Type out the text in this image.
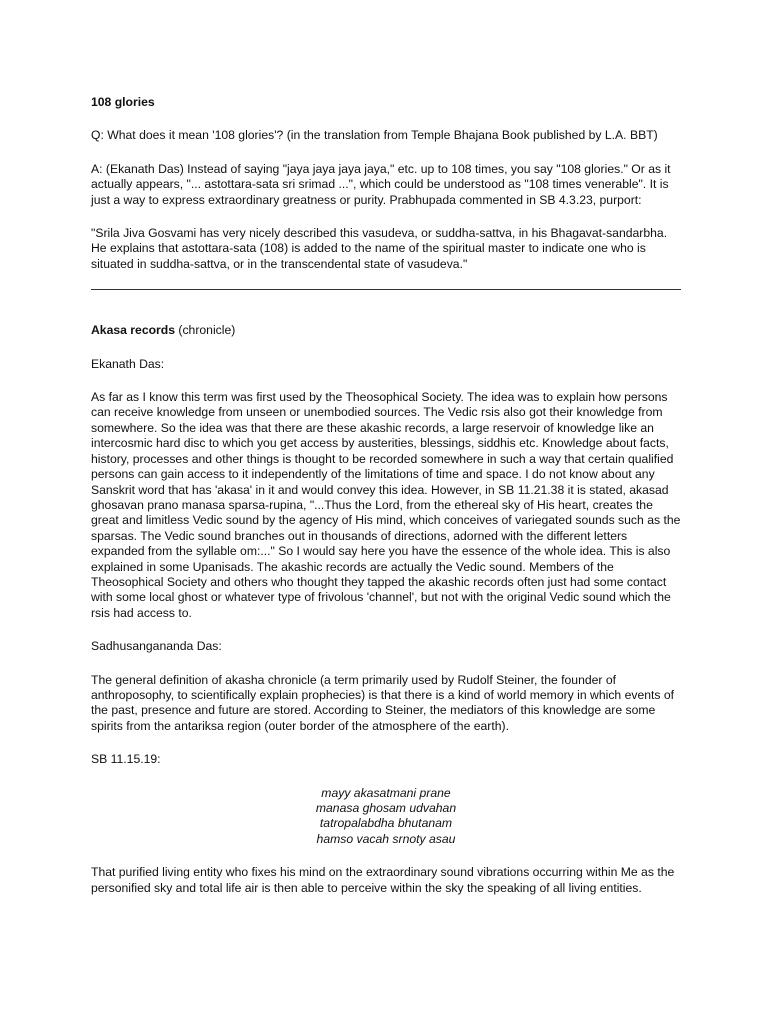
108 glories

Q: What does it mean '108 glories'? (in the translation from Temple Bhajana Book published by L.A. BBT)

A: (Ekanath Das) Instead of saying "jaya jaya jaya jaya," etc. up to 108 times, you say "108 glories." Or as it actually appears, "... astottara-sata sri srimad ...", which could be understood as "108 times venerable". It is just a way to express extraordinary greatness or purity. Prabhupada commented in SB 4.3.23, purport:

"Srila Jiva Gosvami has very nicely described this vasudeva, or suddha-sattva, in his Bhagavat-sandarbha. He explains that astottara-sata (108) is added to the name of the spiritual master to indicate one who is situated in suddha-sattva, or in the transcendental state of vasudeva."

Akasa records (chronicle)

Ekanath Das:

As far as I know this term was first used by the Theosophical Society. The idea was to explain how persons can receive knowledge from unseen or unembodied sources. The Vedic rsis also got their knowledge from somewhere. So the idea was that there are these akashic records, a large reservoir of knowledge like an intercosmic hard disc to which you get access by austerities, blessings, siddhis etc. Knowledge about facts, history, processes and other things is thought to be recorded somewhere in such a way that certain qualified persons can gain access to it independently of the limitations of time and space. I do not know about any Sanskrit word that has 'akasa' in it and would convey this idea. However, in SB 11.21.38 it is stated, akasad ghosavan prano manasa sparsa-rupina, "...Thus the Lord, from the ethereal sky of His heart, creates the great and limitless Vedic sound by the agency of His mind, which conceives of variegated sounds such as the sparsas. The Vedic sound branches out in thousands of directions, adorned with the different letters expanded from the syllable om:..." So I would say here you have the essence of the whole idea. This is also explained in some Upanisads. The akashic records are actually the Vedic sound. Members of the Theosophical Society and others who thought they tapped the akashic records often just had some contact with some local ghost or whatever type of frivolous 'channel', but not with the original Vedic sound which the rsis had access to.

Sadhusangananda Das:

The general definition of akasha chronicle (a term primarily used by Rudolf Steiner, the founder of anthroposophy, to scientifically explain prophecies) is that there is a kind of world memory in which events of the past, presence and future are stored. According to Steiner, the mediators of this knowledge are some spirits from the antariksa region (outer border of the atmosphere of the earth).

SB 11.15.19:

mayy akasatmani prane
manasa ghosam udvahan
tatropalabdha bhutanam
hamso vacah srnoty asau

That purified living entity who fixes his mind on the extraordinary sound vibrations occurring within Me as the personified sky and total life air is then able to perceive within the sky the speaking of all living entities.
